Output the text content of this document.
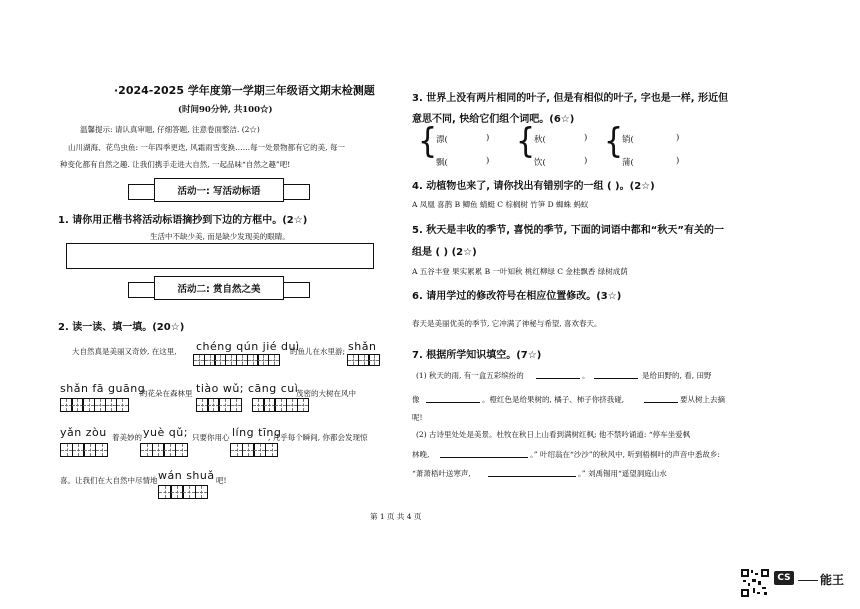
·2024-2025 学年度第一学期三年级语文期末检测题
(时间90分钟, 共100☆)
温馨提示: 请认真审题, 仔细答题, 注意卷面整洁. (2☆)
山川湖海、花鸟虫鱼: 一年四季更迭, 风霜雨雪变换……每一处景物都有它的美, 每一
种变化都有自然之趣. 让我们携手走进大自然, 一起品味“自然之趣”吧!
活动一: 写活动标语
1. 请你用正楷书将活动标语摘抄到下边的方框中。(2☆)
生活中不缺少美, 而是缺少发现美的眼睛。
活动二: 赏自然之美
2. 读一读、填一填。(20☆)
大自然真是美丽又奇妙, 在这里, chéng qún jié duì
的鱼儿在水里游; shǎn
shǎn fā guāng
的花朵在森林里 tiào wǔ; cāng cuì
茂密的大树在风中
yǎn zòu 着美妙的 yuè qǔ; 只要你用心 líng tīng
, 几乎每个瞬间, 你都会发现惊
喜。让我们在大自然中尽情地 wán shuǎ 吧!
3. 世界上没有两片相同的叶子, 但是有相似的叶子, 字也是一样, 形近但
意思不同, 快给它们组个词吧。(6☆)
{
漂(	)
飘(	) {
秋(	)
饮(	) {
销(	)
蒲(	)
4. 动植物也来了, 请你找出有错别字的一组 ( )。(2☆)
A 凤凰 喜鹊 B 鲫鱼 蜻蜓 C 棕榈树 竹笋 D 蜘蛛 蚂蚁
5. 秋天是丰收的季节, 喜悦的季节, 下面的词语中都和“秋天”有关的一
组是 ( ) (2☆)
A 五谷丰登 果实累累 B 一叶知秋 桃红柳绿 C 金桂飘香 绿树成荫
6. 请用学过的修改符号在相应位置修改。(3☆)
春天是美丽优美的季节, 它冲满了神秘与希望, 喜欢春天。
7. 根据所学知识填空。(7☆)
(1) 秋天的雨, 有一盒五彩缤纷的	。	是给田野的, 看, 田野
像	。橙红色是给果树的, 橘子、柿子你挤我碰,	要从树上去摘
呢!
(2) 古诗里处处是美景。杜牧在秋日上山看到满树红枫; 他不禁吟诵道: “停车坐爱枫
林晚,	。” 叶绍翁在“沙沙”的秋风中, 听到梧桐叶的声音中悉故乡:
“萧萧梧叶送寒声,	。” 刘禹锡用“遥望洞庭山水
第 1 页 共 4 页
CS 能王
